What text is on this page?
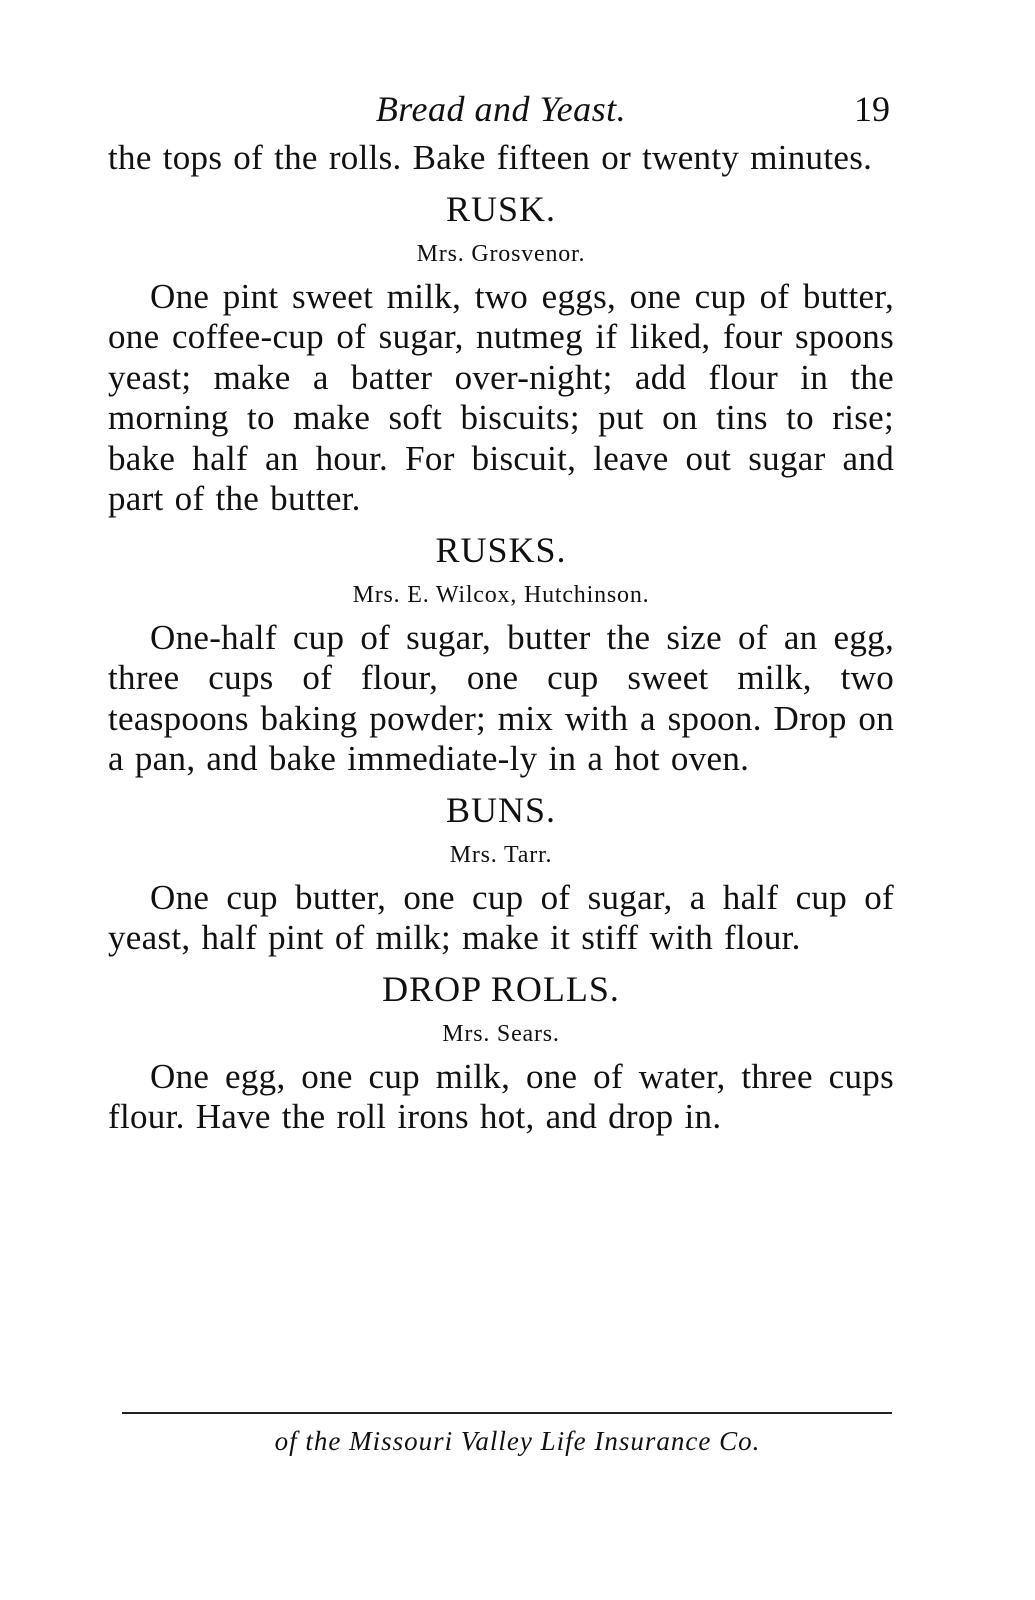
Bread and Yeast.	19

the tops of the rolls. Bake fifteen or twenty minutes.

RUSK.
Mrs. Grosvenor.

One pint sweet milk, two eggs, one cup of butter, one coffee-cup of sugar, nutmeg if liked, four spoons yeast; make a batter over-night; add flour in the morning to make soft biscuits; put on tins to rise; bake half an hour. For biscuit, leave out sugar and part of the butter.

RUSKS.
Mrs. E. Wilcox, Hutchinson.

One-half cup of sugar, butter the size of an egg, three cups of flour, one cup sweet milk, two teaspoons baking powder; mix with a spoon. Drop on a pan, and bake immediate-ly in a hot oven.

BUNS.
Mrs. Tarr.

One cup butter, one cup of sugar, a half cup of yeast, half pint of milk; make it stiff with flour.

DROP ROLLS.
Mrs. Sears.

One egg, one cup milk, one of water, three cups flour. Have the roll irons hot, and drop in.

of the Missouri Valley Life Insurance Co.
